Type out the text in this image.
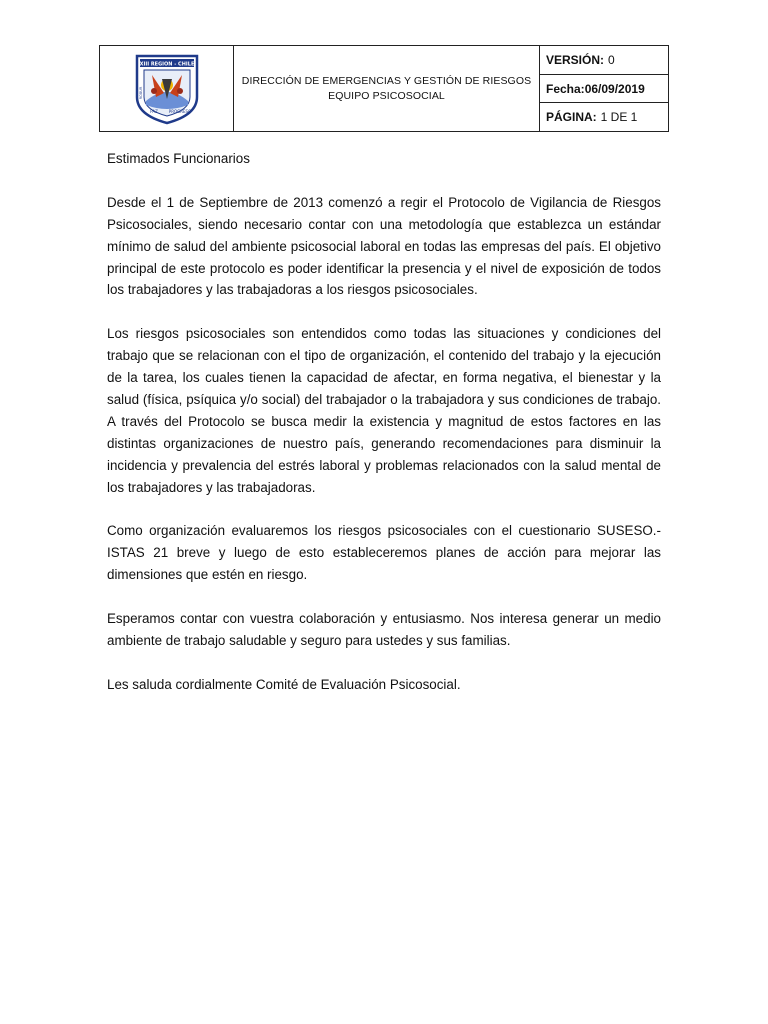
XIII REGION - CHILE
ROBUR
PAZ	PROGRESO
DIRECCIÓN DE EMERGENCIAS Y GESTIÓN DE RIESGOS
EQUIPO PSICOSOCIAL
VERSIÓN: 0
Fecha: 06/09/2019
PÁGINA: 1 DE 1

Estimados Funcionarios

Desde el 1 de Septiembre de 2013 comenzó a regir el Protocolo de Vigilancia de Riesgos Psicosociales, siendo necesario contar con una metodología que establezca un estándar mínimo de salud del ambiente psicosocial laboral en todas las empresas del país. El objetivo principal de este protocolo es poder identificar la presencia y el nivel de exposición de todos los trabajadores y las trabajadoras a los riesgos psicosociales.

Los riesgos psicosociales son entendidos como todas las situaciones y condiciones del trabajo que se relacionan con el tipo de organización, el contenido del trabajo y la ejecución de la tarea, los cuales tienen la capacidad de afectar, en forma negativa, el bienestar y la salud (física, psíquica y/o social) del trabajador o la trabajadora y sus condiciones de trabajo. A través del Protocolo se busca medir la existencia y magnitud de estos factores en las distintas organizaciones de nuestro país, generando recomendaciones para disminuir la incidencia y prevalencia del estrés laboral y problemas relacionados con la salud mental de los trabajadores y las trabajadoras.

Como organización evaluaremos los riesgos psicosociales con el cuestionario SUSESO.- ISTAS 21 breve y luego de esto estableceremos planes de acción para mejorar las dimensiones que estén en riesgo.

Esperamos contar con vuestra colaboración y entusiasmo. Nos interesa generar un medio ambiente de trabajo saludable y seguro para ustedes y sus familias.

Les saluda cordialmente Comité de Evaluación Psicosocial.
